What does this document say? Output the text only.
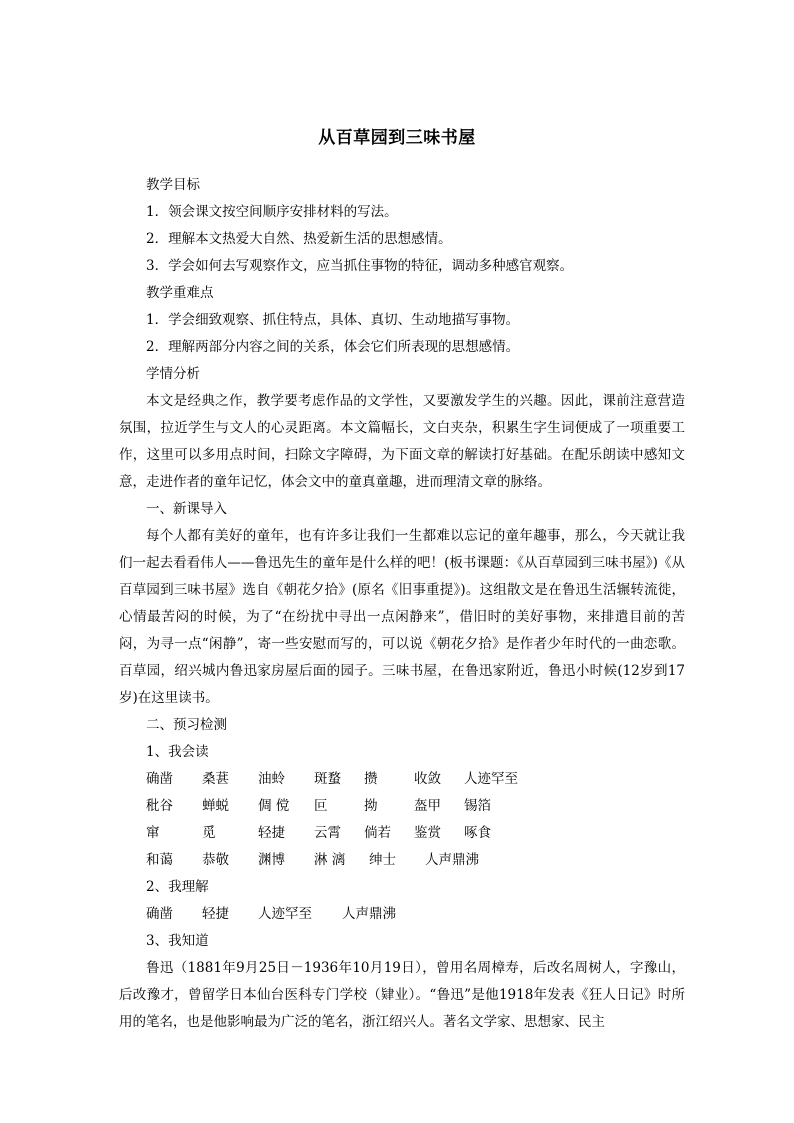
从百草园到三味书屋

教学目标

1．领会课文按空间顺序安排材料的写法。

2．理解本文热爱大自然、热爱新生活的思想感情。

3．学会如何去写观察作文，应当抓住事物的特征，调动多种感官观察。

教学重难点

1．学会细致观察、抓住特点，具体、真切、生动地描写事物。

2．理解两部分内容之间的关系，体会它们所表现的思想感情。

学情分析

本文是经典之作，教学要考虑作品的文学性，又要激发学生的兴趣。因此，课前注意营造氛围，拉近学生与文人的心灵距离。本文篇幅长，文白夹杂，积累生字生词便成了一项重要工作，这里可以多用点时间，扫除文字障碍，为下面文章的解读打好基础。在配乐朗读中感知文意，走进作者的童年记忆，体会文中的童真童趣，进而理清文章的脉络。

一、新课导入

每个人都有美好的童年，也有许多让我们一生都难以忘记的童年趣事，那么，今天就让我们一起去看看伟人——鲁迅先生的童年是什么样的吧！(板书课题：《从百草园到三味书屋》)《从百草园到三味书屋》选自《朝花夕拾》(原名《旧事重提》)。这组散文是在鲁迅生活辗转流徙，心情最苦闷的时候，为了“在纷扰中寻出一点闲静来”，借旧时的美好事物，来排遣目前的苦闷，为寻一点“闲静”，寄一些安慰而写的，可以说《朝花夕拾》是作者少年时代的一曲恋歌。 百草园，绍兴城内鲁迅家房屋后面的园子。三味书屋，在鲁迅家附近，鲁迅小时候(12岁到17岁)在这里读书。

二、预习检测

1、我会读

确凿	桑葚	油蛉	斑蝥	攒	收敛	人迹罕至
秕谷	蝉蜕	倜 傥	叵	拗	盔甲	锡箔
窜	觅	轻捷	云霄	倘若	鉴赏	啄食
和蔼	恭敬	渊博	淋 漓	绅士	人声鼎沸

2、我理解

确凿	轻捷	人迹罕至	人声鼎沸

3、我知道

鲁迅（1881年9月25日－1936年10月19日），曾用名周樟寿，后改名周树人，字豫山，后改豫才，曾留学日本仙台医科专门学校（肄业）。“鲁迅”是他1918年发表《狂人日记》时所用的笔名，也是他影响最为广泛的笔名，浙江绍兴人。著名文学家、思想家、民主
